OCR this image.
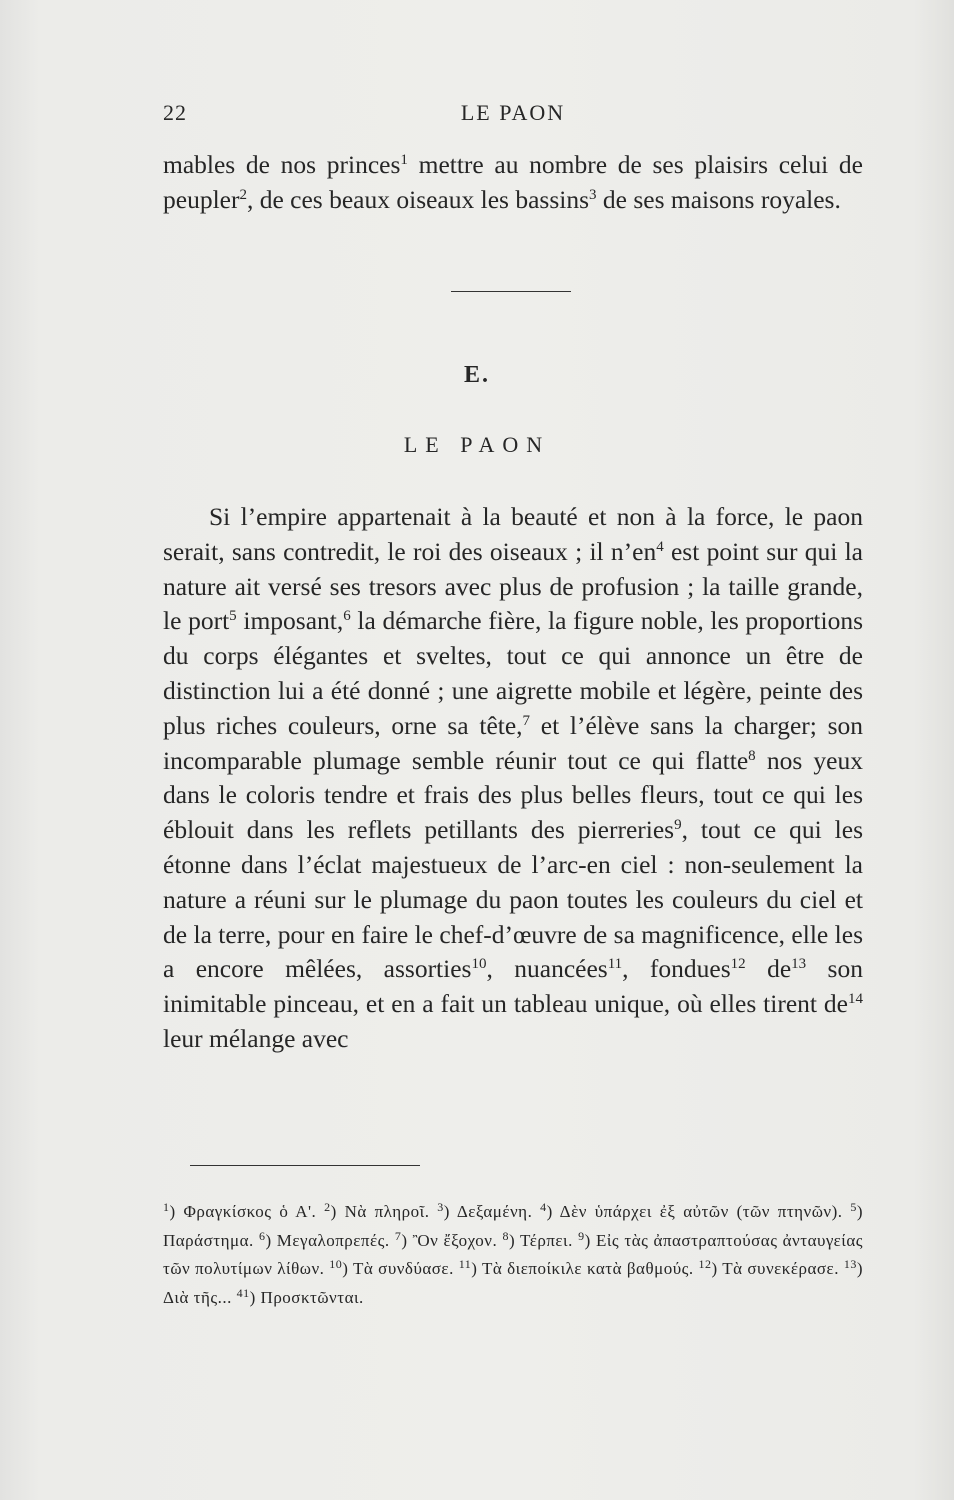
22	LE PAON

mables de nos princes$^1$ mettre au nombre de ses plaisirs celui de peupler$^2$, de ces beaux oiseaux les bassins$^3$ de ses maisons royales.

E.
LE PAON

Si l’empire appartenait à la beauté et non à la force, le paon serait, sans contredit, le roi des oiseaux ; il $n’en^4$ est point sur qui la nature ait versé ses tresors avec plus de profusion ; la taille grande, le port$^5$ imposant,$^6$ la démarche fière, la figure noble, les proportions du corps élégantes et sveltes, tout ce qui annonce un être de distinction lui a été donné ; une aigrette mobile et légère, peinte des plus riches couleurs, orne sa tête,$^7$ et l’élève sans la charger; son incomparable plumage semble réunir tout ce qui flatte$^8$ nos yeux dans le coloris tendre et frais des plus belles fleurs, tout ce qui les éblouit dans les reflets petillants des pierreries$^9$, tout ce qui les étonne dans l’éclat majestueux de l’arc-en ciel : non-seulement la nature a réuni sur le plumage du paon toutes les couleurs du ciel et de la terre, pour en faire le chef-d’œuvre de sa magnificence, elle les a encore mêlées, assorties$^{10}$, nuancées$^{11}$, fondues$^{12}$ $de^{13}$ son inimitable pinceau, et en a fait un tableau unique, où elles tirent $de^{14}$ leur mélange avec

$^1$) Φραγκίσκος ὁ Α'. $^2$) Νὰ πληροῖ. $^3$) Δεξαμένη. $^4$) Δὲν ὑπάρχει ἐξ αὐτῶν (τῶν πτηνῶν). $^5$) Παράστημα. $^6$) Μεγαλοπρεπές. $^7$) Ὂν ἔξοχον. $^8$) Τέρπει. $^9$) Εἰς τὰς ἀπαστραπτούσας ἀνταυγείας τῶν πολυτίμων λίθων. $^{10}$) Τὰ συνδύασε. $^{11}$) Τὰ διεποίκιλε κατὰ βαθμούς. $^{12}$) Τὰ συνεκέρασε. $^{13}$) Διὰ τῆς... $^{41}$) Προσκτῶνται.
